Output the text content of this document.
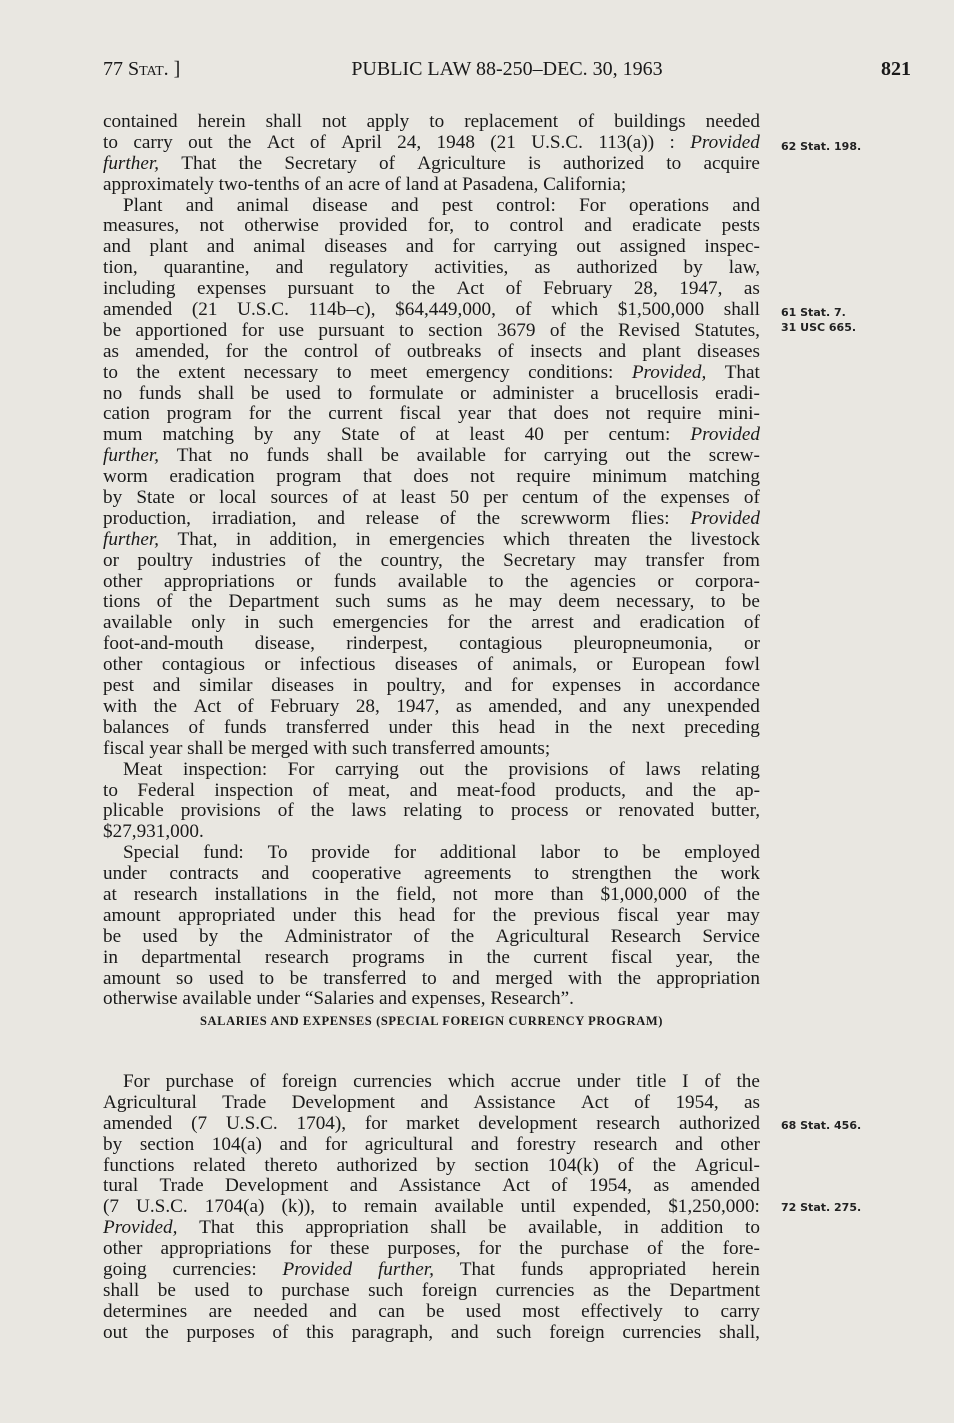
77 Stat. ]	PUBLIC LAW 88-250–DEC. 30, 1963	821
contained herein shall not apply to replacement of buildings needed
to carry out the Act of April 24, 1948 (21 U.S.C. 113(a)) : Provided
further, That the Secretary of Agriculture is authorized to acquire
approximately two-tenths of an acre of land at Pasadena, California;
Plant and animal disease and pest control: For operations and
measures, not otherwise provided for, to control and eradicate pests
and plant and animal diseases and for carrying out assigned inspec-
tion, quarantine, and regulatory activities, as authorized by law,
including expenses pursuant to the Act of February 28, 1947, as
amended (21 U.S.C. 114b–c), $64,449,000, of which $1,500,000 shall
be apportioned for use pursuant to section 3679 of the Revised Statutes,
as amended, for the control of outbreaks of insects and plant diseases
to the extent necessary to meet emergency conditions: Provided, That
no funds shall be used to formulate or administer a brucellosis eradi-
cation program for the current fiscal year that does not require mini-
mum matching by any State of at least 40 per centum: Provided
further, That no funds shall be available for carrying out the screw-
worm eradication program that does not require minimum matching
by State or local sources of at least 50 per centum of the expenses of
production, irradiation, and release of the screwworm flies: Provided
further, That, in addition, in emergencies which threaten the livestock
or poultry industries of the country, the Secretary may transfer from
other appropriations or funds available to the agencies or corpora-
tions of the Department such sums as he may deem necessary, to be
available only in such emergencies for the arrest and eradication of
foot-and-mouth disease, rinderpest, contagious pleuropneumonia, or
other contagious or infectious diseases of animals, or European fowl
pest and similar diseases in poultry, and for expenses in accordance
with the Act of February 28, 1947, as amended, and any unexpended
balances of funds transferred under this head in the next preceding
fiscal year shall be merged with such transferred amounts;
Meat inspection: For carrying out the provisions of laws relating
to Federal inspection of meat, and meat-food products, and the ap-
plicable provisions of the laws relating to process or renovated butter,
$27,931,000.
Special fund: To provide for additional labor to be employed
under contracts and cooperative agreements to strengthen the work
at research installations in the field, not more than $1,000,000 of the
amount appropriated under this head for the previous fiscal year may
be used by the Administrator of the Agricultural Research Service
in departmental research programs in the current fiscal year, the
amount so used to be transferred to and merged with the appropriation
otherwise available under “Salaries and expenses, Research”.
SALARIES AND EXPENSES (SPECIAL FOREIGN CURRENCY PROGRAM)
For purchase of foreign currencies which accrue under title I of the
Agricultural Trade Development and Assistance Act of 1954, as
amended (7 U.S.C. 1704), for market development research authorized
by section 104(a) and for agricultural and forestry research and other
functions related thereto authorized by section 104(k) of the Agricul-
tural Trade Development and Assistance Act of 1954, as amended
(7 U.S.C. 1704(a) (k)), to remain available until expended, $1,250,000:
Provided, That this appropriation shall be available, in addition to
other appropriations for these purposes, for the purchase of the fore-
going currencies: Provided further, That funds appropriated herein
shall be used to purchase such foreign currencies as the Department
determines are needed and can be used most effectively to carry
out the purposes of this paragraph, and such foreign currencies shall,
62 Stat. 198.
61 Stat. 7.
31 USC 665.
68 Stat. 456.
72 Stat. 275.
